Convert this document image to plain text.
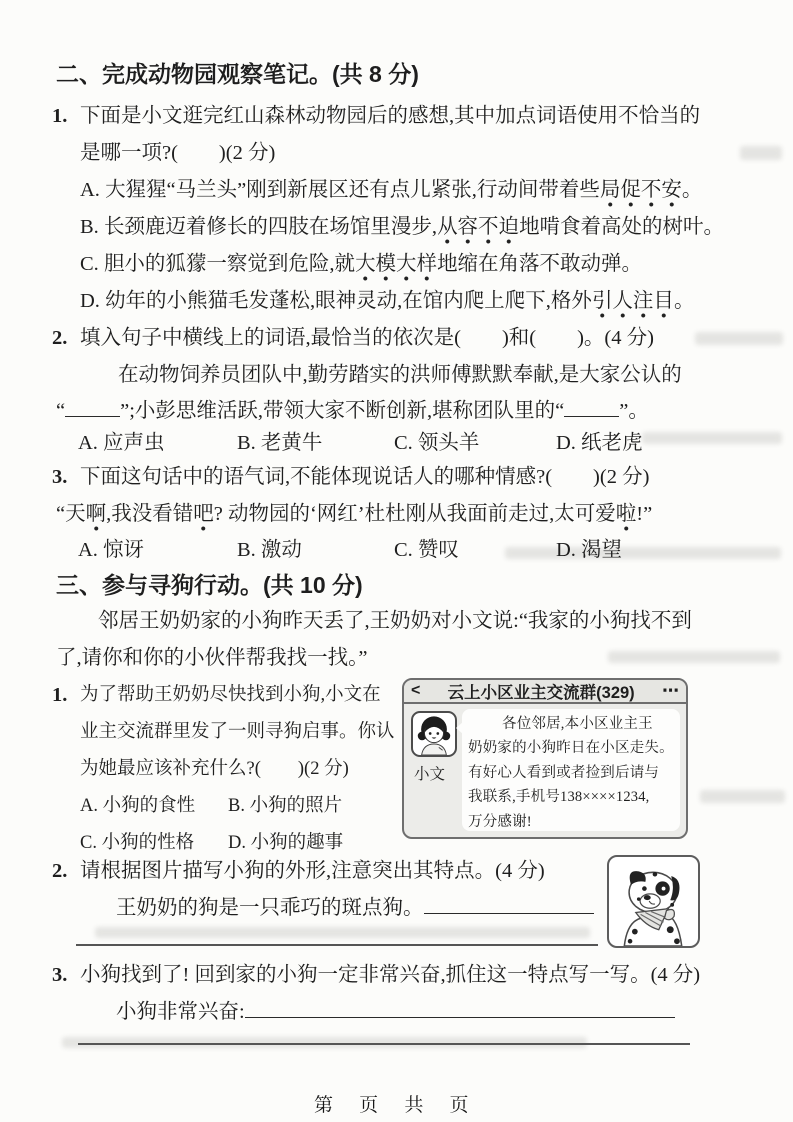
二、完成动物园观察笔记。(共 8 分)
1. 下面是小文逛完红山森林动物园后的感想,其中加点词语使用不恰当的
是哪一项?(　　)(2 分)
A. 大猩猩“马兰头”刚到新展区还有点儿紧张,行动间带着些局促不安。
B. 长颈鹿迈着修长的四肢在场馆里漫步,从容不迫地啃食着高处的树叶。
C. 胆小的狐獴一察觉到危险,就大模大样地缩在角落不敢动弹。
D. 幼年的小熊猫毛发蓬松,眼神灵动,在馆内爬上爬下,格外引人注目。
2. 填入句子中横线上的词语,最恰当的依次是(　　)和(　　)。(4 分)
在动物饲养员团队中,勤劳踏实的洪师傅默默奉献,是大家公认的
“	”;小彭思维活跃,带领大家不断创新,堪称团队里的“	”。
A. 应声虫	B. 老黄牛	C. 领头羊	D. 纸老虎
3. 下面这句话中的语气词,不能体现说话人的哪种情感?(　　)(2 分)
“天啊,我没看错吧? 动物园的‘网红’杜杜刚从我面前走过,太可爱啦!”
A. 惊讶	B. 激动	C. 赞叹	D. 渴望
三、参与寻狗行动。(共 10 分)
邻居王奶奶家的小狗昨天丢了,王奶奶对小文说:“我家的小狗找不到
了,请你和你的小伙伴帮我找一找。”
1. 为了帮助王奶奶尽快找到小狗,小文在
业主交流群里发了一则寻狗启事。你认
为她最应该补充什么?(　　)(2 分)
A. 小狗的食性 B. 小狗的照片
C. 小狗的性格 D. 小狗的趣事
<	云上小区业主交流群(329)	⋯
小文
各位邻居,本小区业主王
奶奶家的小狗昨日在小区走失。
有好心人看到或者捡到后请与
我联系,手机号138××××1234,
万分感谢!
2. 请根据图片描写小狗的外形,注意突出其特点。(4 分)
王奶奶的狗是一只乖巧的斑点狗。
3. 小狗找到了! 回到家的小狗一定非常兴奋,抓住这一特点写一写。(4 分)
小狗非常兴奋:
第 页 共 页
